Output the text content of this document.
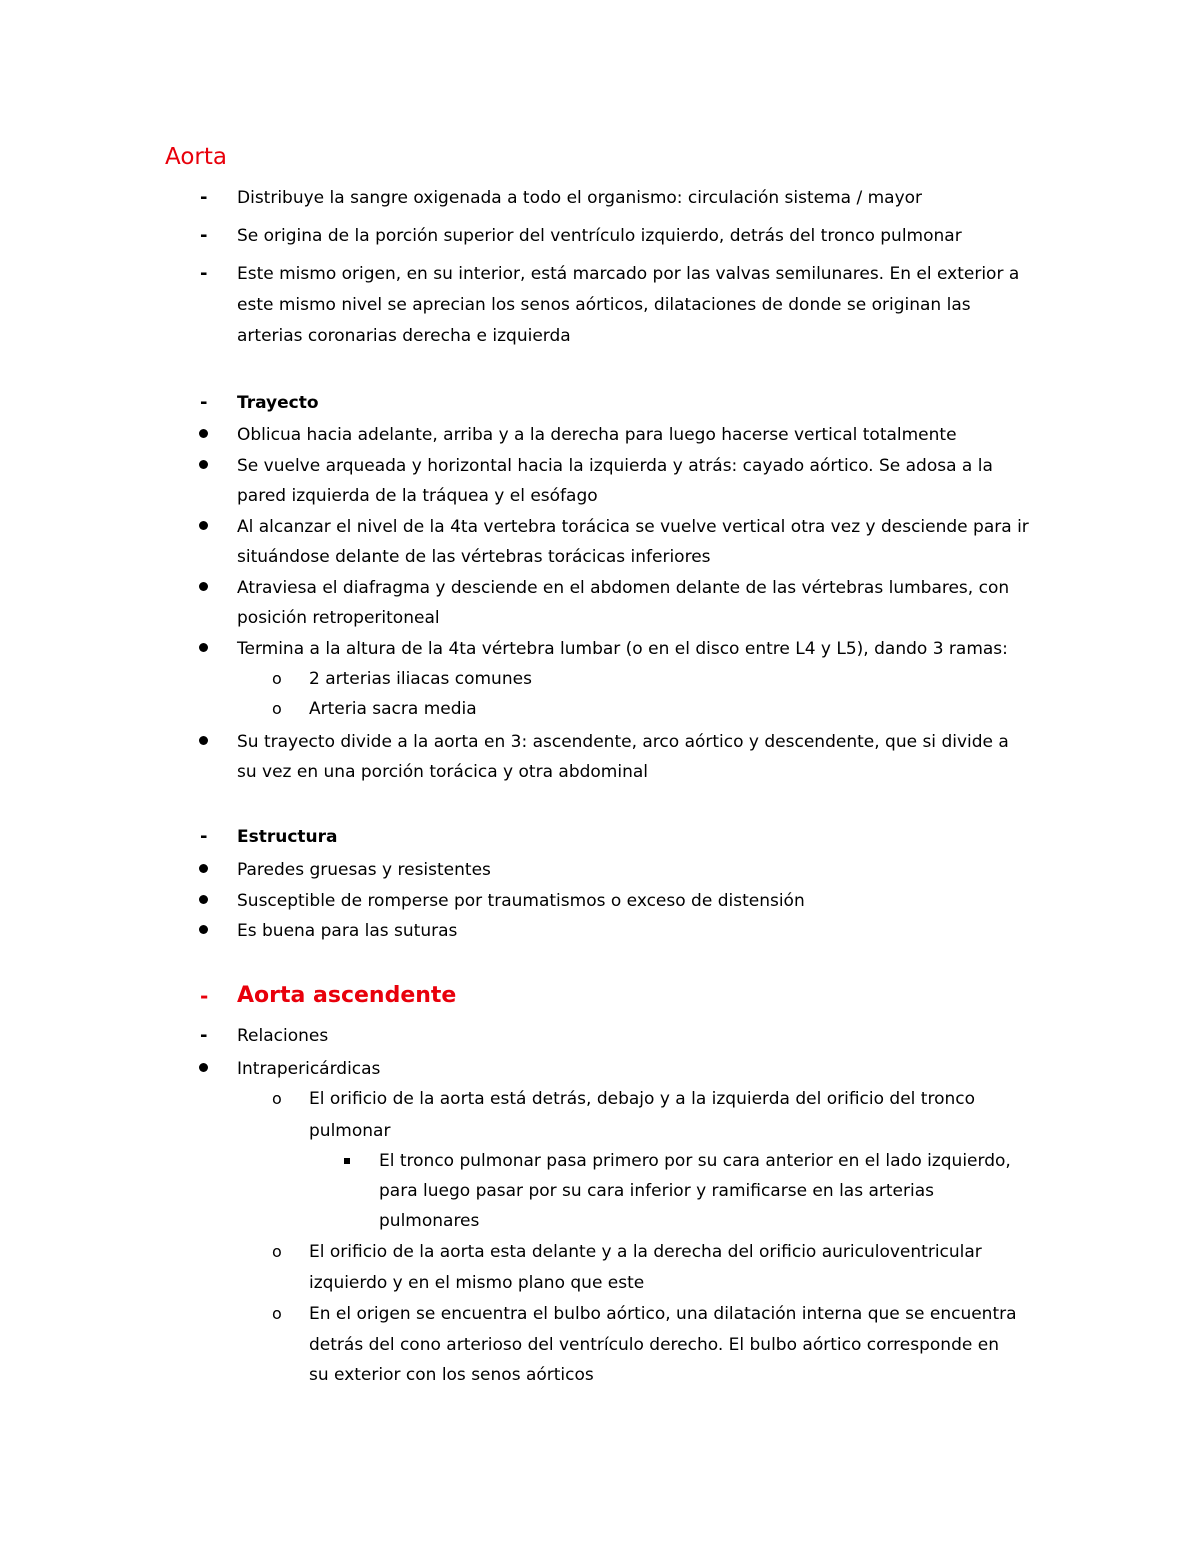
Aorta
- Distribuye la sangre oxigenada a todo el organismo: circulación sistema / mayor
- Se origina de la porción superior del ventrículo izquierdo, detrás del tronco pulmonar
- Este mismo origen, en su interior, está marcado por las valvas semilunares. En el exterior a
este mismo nivel se aprecian los senos aórticos, dilataciones de donde se originan las
arterias coronarias derecha e izquierda
- Trayecto
Oblicua hacia adelante, arriba y a la derecha para luego hacerse vertical totalmente
Se vuelve arqueada y horizontal hacia la izquierda y atrás: cayado aórtico. Se adosa a la
pared izquierda de la tráquea y el esófago
Al alcanzar el nivel de la 4ta vertebra torácica se vuelve vertical otra vez y desciende para ir
situándose delante de las vértebras torácicas inferiores
Atraviesa el diafragma y desciende en el abdomen delante de las vértebras lumbares, con
posición retroperitoneal
Termina a la altura de la 4ta vértebra lumbar (o en el disco entre L4 y L5), dando 3 ramas:
o 2 arterias iliacas comunes
o Arteria sacra media
Su trayecto divide a la aorta en 3: ascendente, arco aórtico y descendente, que si divide a
su vez en una porción torácica y otra abdominal
- Estructura
Paredes gruesas y resistentes
Susceptible de romperse por traumatismos o exceso de distensión
Es buena para las suturas
- Aorta ascendente
- Relaciones
Intrapericárdicas
o El orificio de la aorta está detrás, debajo y a la izquierda del orificio del tronco
pulmonar
El tronco pulmonar pasa primero por su cara anterior en el lado izquierdo,
para luego pasar por su cara inferior y ramificarse en las arterias
pulmonares
o El orificio de la aorta esta delante y a la derecha del orificio auriculoventricular
izquierdo y en el mismo plano que este
o En el origen se encuentra el bulbo aórtico, una dilatación interna que se encuentra
detrás del cono arterioso del ventrículo derecho. El bulbo aórtico corresponde en
su exterior con los senos aórticos
